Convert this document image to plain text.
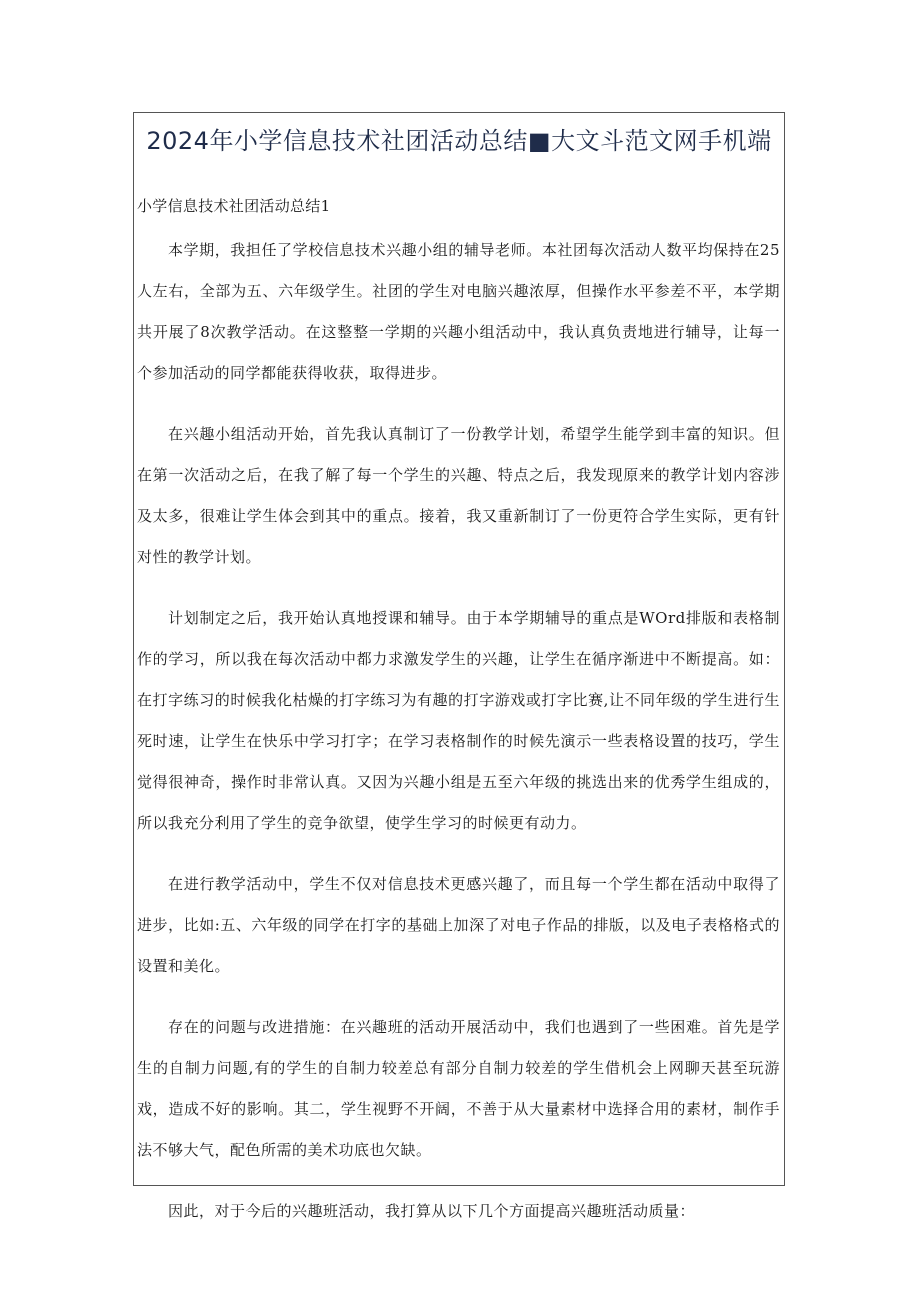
2024年小学信息技术社团活动总结■大文斗范文网手机端

小学信息技术社团活动总结1

本学期，我担任了学校信息技术兴趣小组的辅导老师。本社团每次活动人数平均保持在25人左右，全部为五、六年级学生。社团的学生对电脑兴趣浓厚，但操作水平参差不平，本学期共开展了8次教学活动。在这整整一学期的兴趣小组活动中，我认真负责地进行辅导，让每一个参加活动的同学都能获得收获，取得进步。

在兴趣小组活动开始，首先我认真制订了一份教学计划，希望学生能学到丰富的知识。但在第一次活动之后，在我了解了每一个学生的兴趣、特点之后，我发现原来的教学计划内容涉及太多，很难让学生体会到其中的重点。接着，我又重新制订了一份更符合学生实际，更有针对性的教学计划。

计划制定之后，我开始认真地授课和辅导。由于本学期辅导的重点是WOrd排版和表格制作的学习，所以我在每次活动中都力求激发学生的兴趣，让学生在循序渐进中不断提高。如：在打字练习的时候我化枯燥的打字练习为有趣的打字游戏或打字比赛,让不同年级的学生进行生死时速，让学生在快乐中学习打字；在学习表格制作的时候先演示一些表格设置的技巧，学生觉得很神奇，操作时非常认真。又因为兴趣小组是五至六年级的挑选出来的优秀学生组成的，所以我充分利用了学生的竞争欲望，使学生学习的时候更有动力。

在进行教学活动中，学生不仅对信息技术更感兴趣了，而且每一个学生都在活动中取得了进步，比如:五、六年级的同学在打字的基础上加深了对电子作品的排版，以及电子表格格式的设置和美化。

存在的问题与改进措施：在兴趣班的活动开展活动中，我们也遇到了一些困难。首先是学生的自制力问题,有的学生的自制力较差总有部分自制力较差的学生借机会上网聊天甚至玩游戏，造成不好的影响。其二，学生视野不开阔，不善于从大量素材中选择合用的素材，制作手法不够大气，配色所需的美术功底也欠缺。

因此，对于今后的兴趣班活动，我打算从以下几个方面提高兴趣班活动质量：
